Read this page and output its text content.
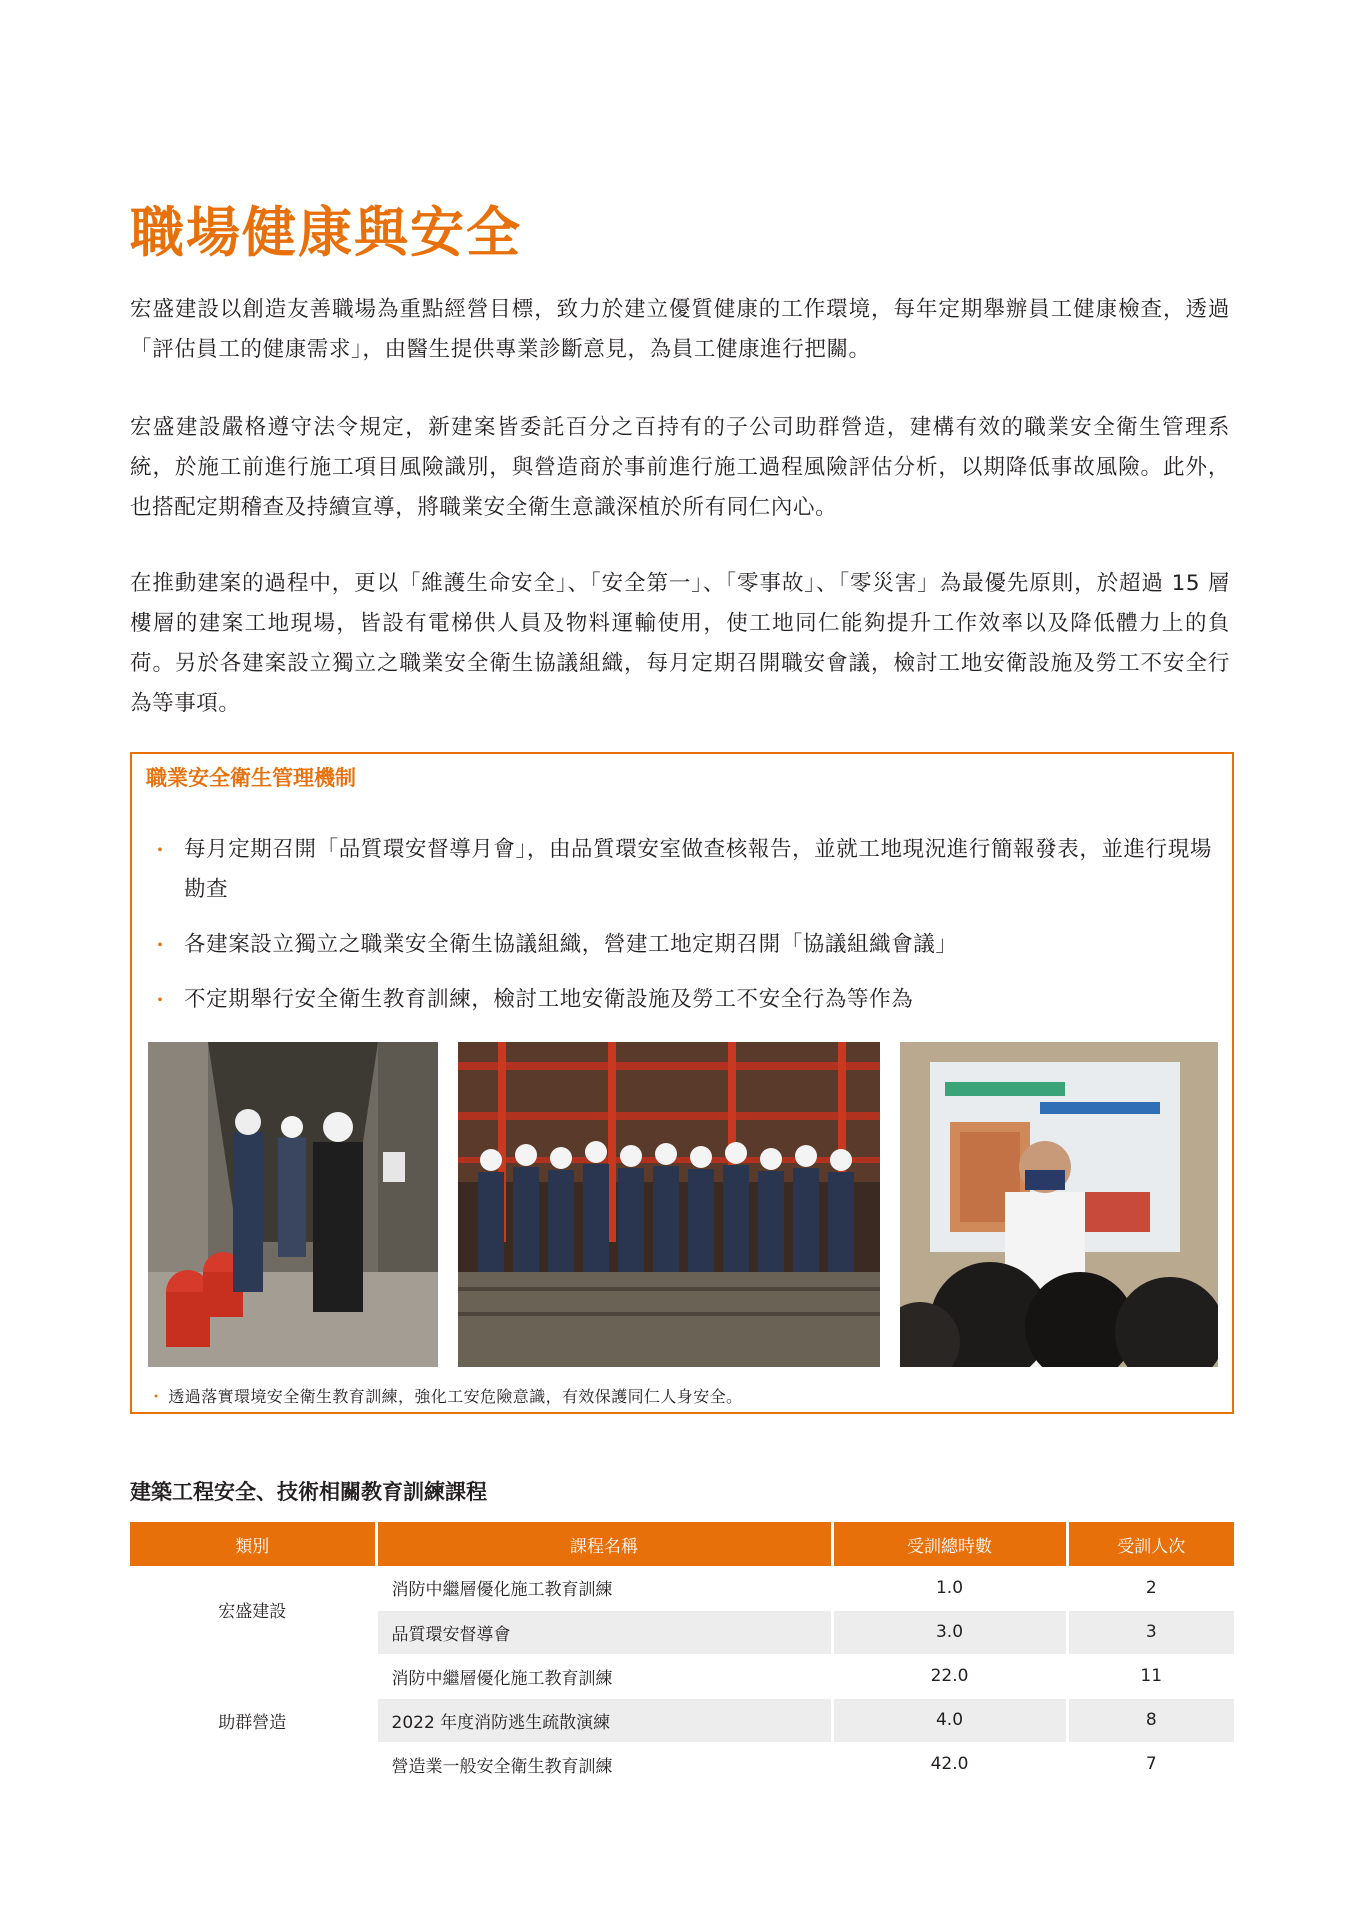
職場健康與安全

宏盛建設以創造友善職場為重點經營目標，致力於建立優質健康的工作環境，每年定期舉辦員工健康檢查，透過「評估員工的健康需求」，由醫生提供專業診斷意見，為員工健康進行把關。

宏盛建設嚴格遵守法令規定，新建案皆委託百分之百持有的子公司助群營造，建構有效的職業安全衛生管理系統，於施工前進行施工項目風險識別，與營造商於事前進行施工過程風險評估分析，以期降低事故風險。此外，也搭配定期稽查及持續宣導，將職業安全衛生意識深植於所有同仁內心。

在推動建案的過程中，更以「維護生命安全」、「安全第一」、「零事故」、「零災害」為最優先原則，於超過 15 層樓層的建案工地現場，皆設有電梯供人員及物料運輸使用，使工地同仁能夠提升工作效率以及降低體力上的負荷。另於各建案設立獨立之職業安全衛生協議組織，每月定期召開職安會議，檢討工地安衛設施及勞工不安全行為等事項。

職業安全衛生管理機制
・ 每月定期召開「品質環安督導月會」，由品質環安室做查核報告，並就工地現況進行簡報發表，並進行現場勘查
・ 各建案設立獨立之職業安全衛生協議組織，營建工地定期召開「協議組織會議」
・ 不定期舉行安全衛生教育訓練，檢討工地安衛設施及勞工不安全行為等作為
・ 透過落實環境安全衛生教育訓練，強化工安危險意識，有效保護同仁人身安全。
建築工程安全、技術相關教育訓練課程
類別	課程名稱	受訓總時數	受訓人次
宏盛建設	消防中繼層優化施工教育訓練	1.0	2
	品質環安督導會	3.0	3
助群營造	消防中繼層優化施工教育訓練	22.0	11
	2022 年度消防逃生疏散演練	4.0	8
	營造業一般安全衛生教育訓練	42.0	7
